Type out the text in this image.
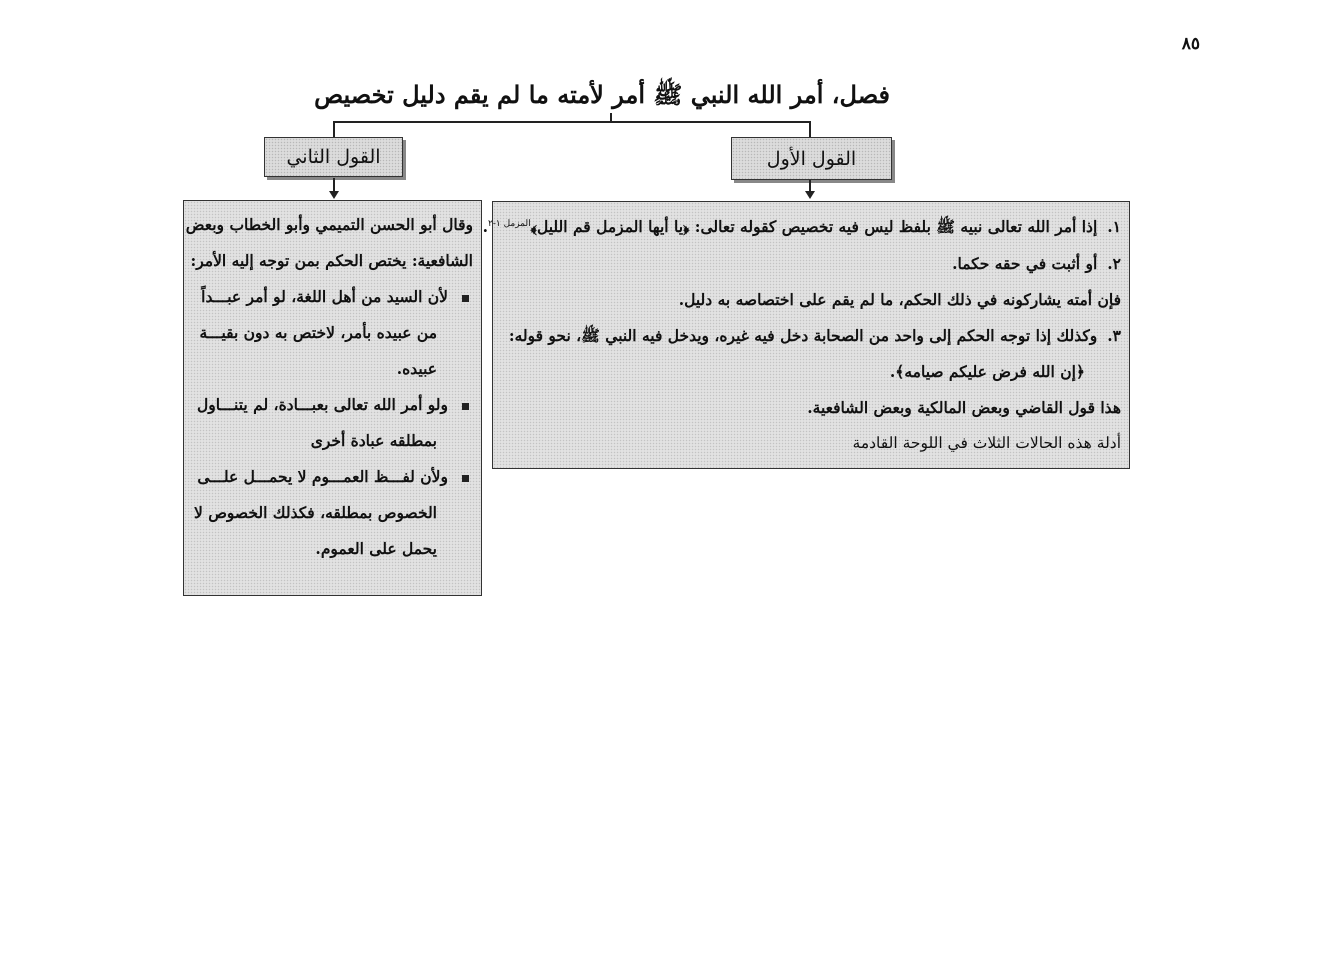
٨٥
فصل، أمر الله النبي ﷺ أمر لأمته ما لم يقم دليل تخصيص
القول الثاني	القول الأول
١.إذا أمر الله تعالى نبيه ﷺ بلفظ ليس فيه تخصيص كقوله تعالى: ﴿يا أيها المزمل قم الليل﴾$^{المزمل ١-٢}$.
٢.أو أثبت في حقه حكما.
فإن أمته يشاركونه في ذلك الحكم، ما لم يقم على اختصاصه به دليل.
٣.وكذلك إذا توجه الحكم إلى واحد من الصحابة دخل فيه غيره، ويدخل فيه النبي ﷺ، نحو قوله:
﴿إن الله فرض عليكم صيامه﴾.
هذا قول القاضي وبعض المالكية وبعض الشافعية.
أدلة هذه الحالات الثلاث في اللوحة القادمة
وقال أبو الحسن التميمي وأبو الخطاب وبعض
الشافعية: يختص الحكم بمن توجه إليه الأمر:
لأن السيد من أهل اللغة، لو أمر عبـــداً
من عبيده بأمر، لاختص به دون بقيـــة
عبيده.
ولو أمر الله تعالى بعبـــادة، لم يتنـــاول
بمطلقه عبادة أخرى
ولأن لفـــظ العمـــوم لا يحمـــل علـــى
الخصوص بمطلقه، فكذلك الخصوص لا
يحمل على العموم.
